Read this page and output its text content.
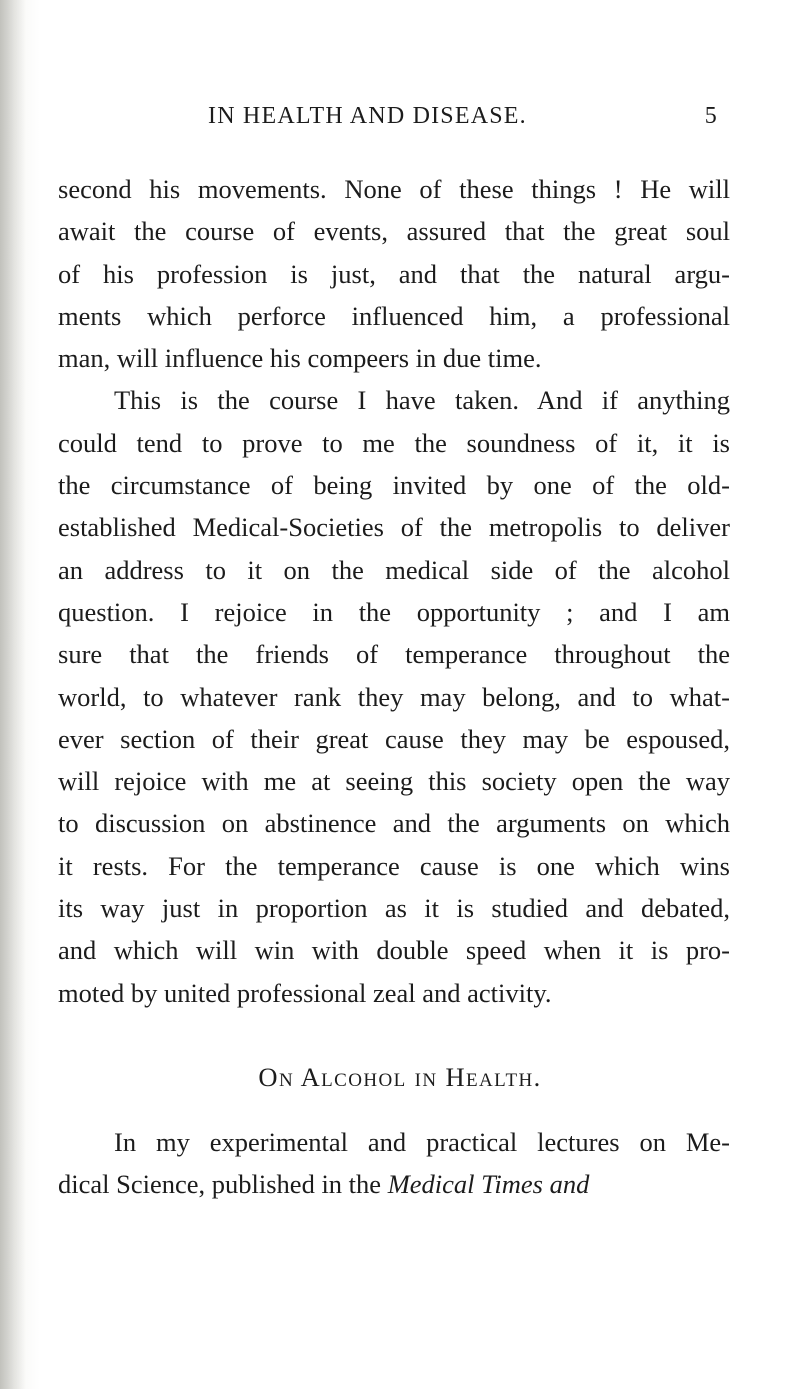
IN HEALTH AND DISEASE.	5
second his movements. None of these things ! He will
await the course of events, assured that the great soul
of his profession is just, and that the natural argu-
ments which perforce influenced him, a professional
man, will influence his compeers in due time.
This is the course I have taken. And if anything
could tend to prove to me the soundness of it, it is
the circumstance of being invited by one of the old-
established Medical-Societies of the metropolis to deliver
an address to it on the medical side of the alcohol
question. I rejoice in the opportunity ; and I am
sure that the friends of temperance throughout the
world, to whatever rank they may belong, and to what-
ever section of their great cause they may be espoused,
will rejoice with me at seeing this society open the way
to discussion on abstinence and the arguments on which
it rests. For the temperance cause is one which wins
its way just in proportion as it is studied and debated,
and which will win with double speed when it is pro-
moted by united professional zeal and activity.
On Alcohol in Health.
In my experimental and practical lectures on Me-
dical Science, published in the Medical Times and
